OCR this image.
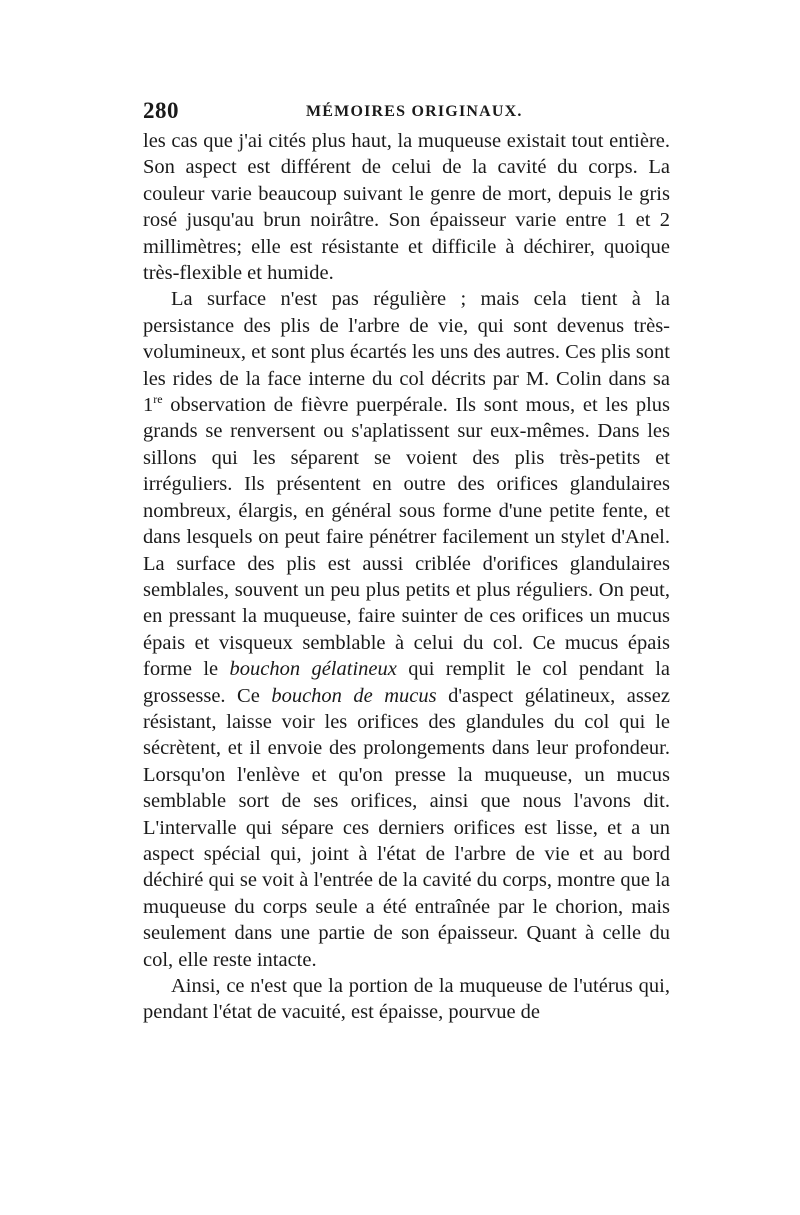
280	MÉMOIRES ORIGINAUX.

les cas que j'ai cités plus haut, la muqueuse existait tout entière. Son aspect est différent de celui de la cavité du corps. La couleur varie beaucoup suivant le genre de mort, depuis le gris rosé jusqu'au brun noirâtre. Son épaisseur varie entre 1 et 2 millimètres; elle est résistante et difficile à déchirer, quoique très-flexible et humide.

La surface n'est pas régulière ; mais cela tient à la persistance des plis de l'arbre de vie, qui sont devenus très-volumineux, et sont plus écartés les uns des autres. Ces plis sont les rides de la face interne du col décrits par M. Colin dans sa 1re observation de fièvre puerpérale. Ils sont mous, et les plus grands se renversent ou s'aplatissent sur eux-mêmes. Dans les sillons qui les séparent se voient des plis très-petits et irréguliers. Ils présentent en outre des orifices glandulaires nombreux, élargis, en général sous forme d'une petite fente, et dans lesquels on peut faire pénétrer facilement un stylet d'Anel. La surface des plis est aussi criblée d'orifices glandulaires semblales, souvent un peu plus petits et plus réguliers. On peut, en pressant la muqueuse, faire suinter de ces orifices un mucus épais et visqueux semblable à celui du col. Ce mucus épais forme le bouchon gélatineux qui remplit le col pendant la grossesse. Ce bouchon de mucus d'aspect gélatineux, assez résistant, laisse voir les orifices des glandules du col qui le sécrètent, et il envoie des prolongements dans leur profondeur. Lorsqu'on l'enlève et qu'on presse la muqueuse, un mucus semblable sort de ses orifices, ainsi que nous l'avons dit. L'intervalle qui sépare ces derniers orifices est lisse, et a un aspect spécial qui, joint à l'état de l'arbre de vie et au bord déchiré qui se voit à l'entrée de la cavité du corps, montre que la muqueuse du corps seule a été entraînée par le chorion, mais seulement dans une partie de son épaisseur. Quant à celle du col, elle reste intacte.

Ainsi, ce n'est que la portion de la muqueuse de l'utérus qui, pendant l'état de vacuité, est épaisse, pourvue de
